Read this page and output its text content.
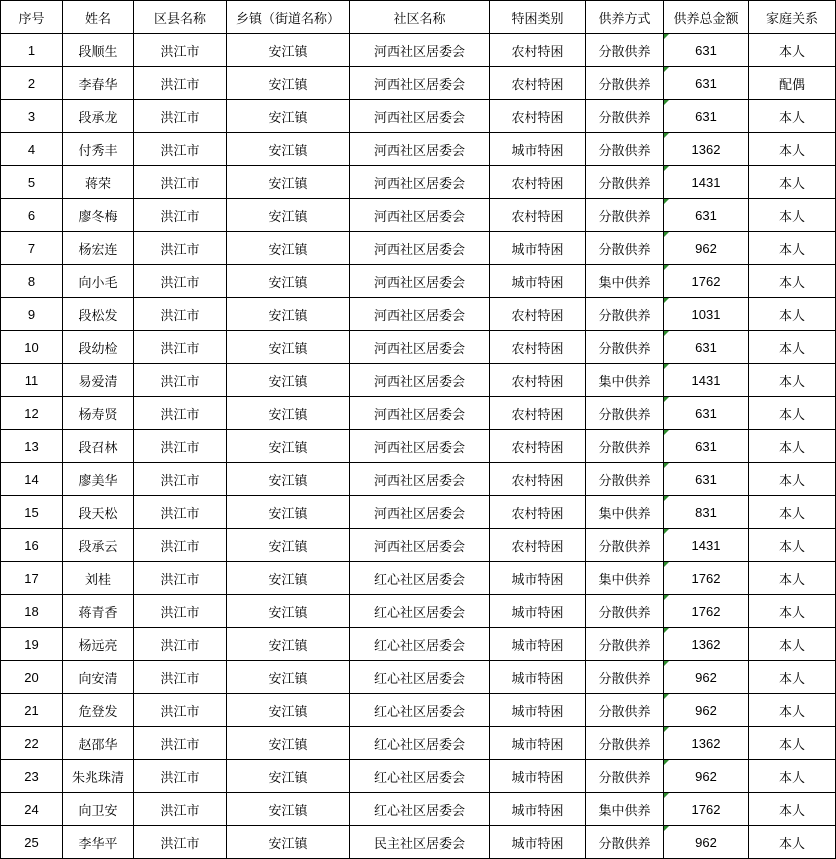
序号	姓名	区县名称	乡镇（街道名称）	社区名称	特困类别	供养方式	供养总金额	家庭关系
1	段顺生	洪江市	安江镇	河西社区居委会	农村特困	分散供养	631	本人
2	李春华	洪江市	安江镇	河西社区居委会	农村特困	分散供养	631	配偶
3	段承龙	洪江市	安江镇	河西社区居委会	农村特困	分散供养	631	本人
4	付秀丰	洪江市	安江镇	河西社区居委会	城市特困	分散供养	1362	本人
5	蒋荣	洪江市	安江镇	河西社区居委会	农村特困	分散供养	1431	本人
6	廖冬梅	洪江市	安江镇	河西社区居委会	农村特困	分散供养	631	本人
7	杨宏连	洪江市	安江镇	河西社区居委会	城市特困	分散供养	962	本人
8	向小毛	洪江市	安江镇	河西社区居委会	城市特困	集中供养	1762	本人
9	段松发	洪江市	安江镇	河西社区居委会	农村特困	分散供养	1031	本人
10	段幼检	洪江市	安江镇	河西社区居委会	农村特困	分散供养	631	本人
11	易爱清	洪江市	安江镇	河西社区居委会	农村特困	集中供养	1431	本人
12	杨寿贤	洪江市	安江镇	河西社区居委会	农村特困	分散供养	631	本人
13	段召林	洪江市	安江镇	河西社区居委会	农村特困	分散供养	631	本人
14	廖美华	洪江市	安江镇	河西社区居委会	农村特困	分散供养	631	本人
15	段天松	洪江市	安江镇	河西社区居委会	农村特困	集中供养	831	本人
16	段承云	洪江市	安江镇	河西社区居委会	农村特困	分散供养	1431	本人
17	刘桂	洪江市	安江镇	红心社区居委会	城市特困	集中供养	1762	本人
18	蒋青香	洪江市	安江镇	红心社区居委会	城市特困	分散供养	1762	本人
19	杨远亮	洪江市	安江镇	红心社区居委会	城市特困	分散供养	1362	本人
20	向安清	洪江市	安江镇	红心社区居委会	城市特困	分散供养	962	本人
21	危登发	洪江市	安江镇	红心社区居委会	城市特困	分散供养	962	本人
22	赵邵华	洪江市	安江镇	红心社区居委会	城市特困	分散供养	1362	本人
23	朱兆珠清	洪江市	安江镇	红心社区居委会	城市特困	分散供养	962	本人
24	向卫安	洪江市	安江镇	红心社区居委会	城市特困	集中供养	1762	本人
25	李华平	洪江市	安江镇	民主社区居委会	城市特困	分散供养	962	本人
